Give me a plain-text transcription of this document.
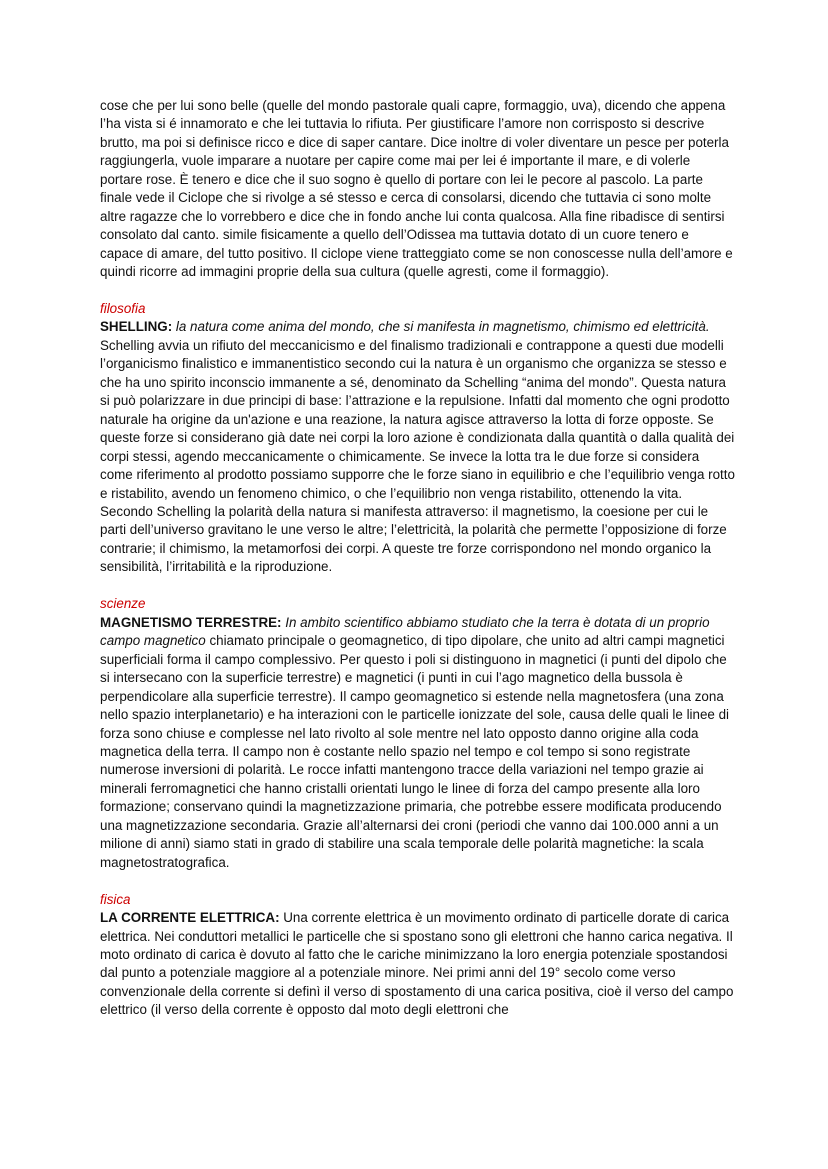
cose che per lui sono belle (quelle del mondo pastorale quali capre, formaggio, uva), dicendo che appena l’ha vista si é innamorato e che lei tuttavia lo rifiuta. Per giustificare l’amore non corrisposto si descrive brutto, ma poi si definisce ricco e dice di saper cantare. Dice inoltre di voler diventare un pesce per poterla raggiungerla, vuole imparare a nuotare per capire come mai per lei é importante il mare, e di volerle portare rose. È tenero e dice che il suo sogno è quello di portare con lei le pecore al pascolo. La parte finale vede il Ciclope che si rivolge a sé stesso e cerca di consolarsi, dicendo che tuttavia ci sono molte altre ragazze che lo vorrebbero e dice che in fondo anche lui conta qualcosa. Alla fine ribadisce di sentirsi consolato dal canto. simile fisicamente a quello dell’Odissea ma tuttavia dotato di un cuore tenero e capace di amare, del tutto positivo. Il ciclope viene tratteggiato come se non conoscesse nulla dell’amore e quindi ricorre ad immagini proprie della sua cultura (quelle agresti, come il formaggio).

filosofia

SHELLING: la natura come anima del mondo, che si manifesta in magnetismo, chimismo ed elettricità. Schelling avvia un rifiuto del meccanicismo e del finalismo tradizionali e contrappone a questi due modelli l’organicismo finalistico e immanentistico secondo cui la natura è un organismo che organizza se stesso e che ha uno spirito inconscio immanente a sé, denominato da Schelling “anima del mondo”. Questa natura si può polarizzare in due principi di base: l’attrazione e la repulsione. Infatti dal momento che ogni prodotto naturale ha origine da un'azione e una reazione, la natura agisce attraverso la lotta di forze opposte. Se queste forze si considerano già date nei corpi la loro azione è condizionata dalla quantità o dalla qualità dei corpi stessi, agendo meccanicamente o chimicamente. Se invece la lotta tra le due forze si considera come riferimento al prodotto possiamo supporre che le forze siano in equilibrio e che l’equilibrio venga rotto e ristabilito, avendo un fenomeno chimico, o che l’equilibrio non venga ristabilito, ottenendo la vita. Secondo Schelling la polarità della natura si manifesta attraverso: il magnetismo, la coesione per cui le parti dell’universo gravitano le une verso le altre; l’elettricità, la polarità che permette l’opposizione di forze contrarie; il chimismo, la metamorfosi dei corpi. A queste tre forze corrispondono nel mondo organico la sensibilità, l’irritabilità e la riproduzione.

scienze

MAGNETISMO TERRESTRE: In ambito scientifico abbiamo studiato che la terra è dotata di un proprio campo magnetico chiamato principale o geomagnetico, di tipo dipolare, che unito ad altri campi magnetici superficiali forma il campo complessivo. Per questo i poli si distinguono in magnetici (i punti del dipolo che si intersecano con la superficie terrestre) e magnetici (i punti in cui l’ago magnetico della bussola è perpendicolare alla superficie terrestre). Il campo geomagnetico si estende nella magnetosfera (una zona nello spazio interplanetario) e ha interazioni con le particelle ionizzate del sole, causa delle quali le linee di forza sono chiuse e complesse nel lato rivolto al sole mentre nel lato opposto danno origine alla coda magnetica della terra. Il campo non è costante nello spazio nel tempo e col tempo si sono registrate numerose inversioni di polarità. Le rocce infatti mantengono tracce della variazioni nel tempo grazie ai minerali ferromagnetici che hanno cristalli orientati lungo le linee di forza del campo presente alla loro formazione; conservano quindi la magnetizzazione primaria, che potrebbe essere modificata producendo una magnetizzazione secondaria. Grazie all’alternarsi dei croni (periodi che vanno dai 100.000 anni a un milione di anni) siamo stati in grado di stabilire una scala temporale delle polarità magnetiche: la scala magnetostratografica.

fisica

LA CORRENTE ELETTRICA: Una corrente elettrica è un movimento ordinato di particelle dorate di carica elettrica. Nei conduttori metallici le particelle che si spostano sono gli elettroni che hanno carica negativa. Il moto ordinato di carica è dovuto al fatto che le cariche minimizzano la loro energia potenziale spostandosi dal punto a potenziale maggiore al a potenziale minore. Nei primi anni del 19° secolo come verso convenzionale della corrente si definì il verso di spostamento di una carica positiva, cioè il verso del campo elettrico (il verso della corrente è opposto dal moto degli elettroni che
